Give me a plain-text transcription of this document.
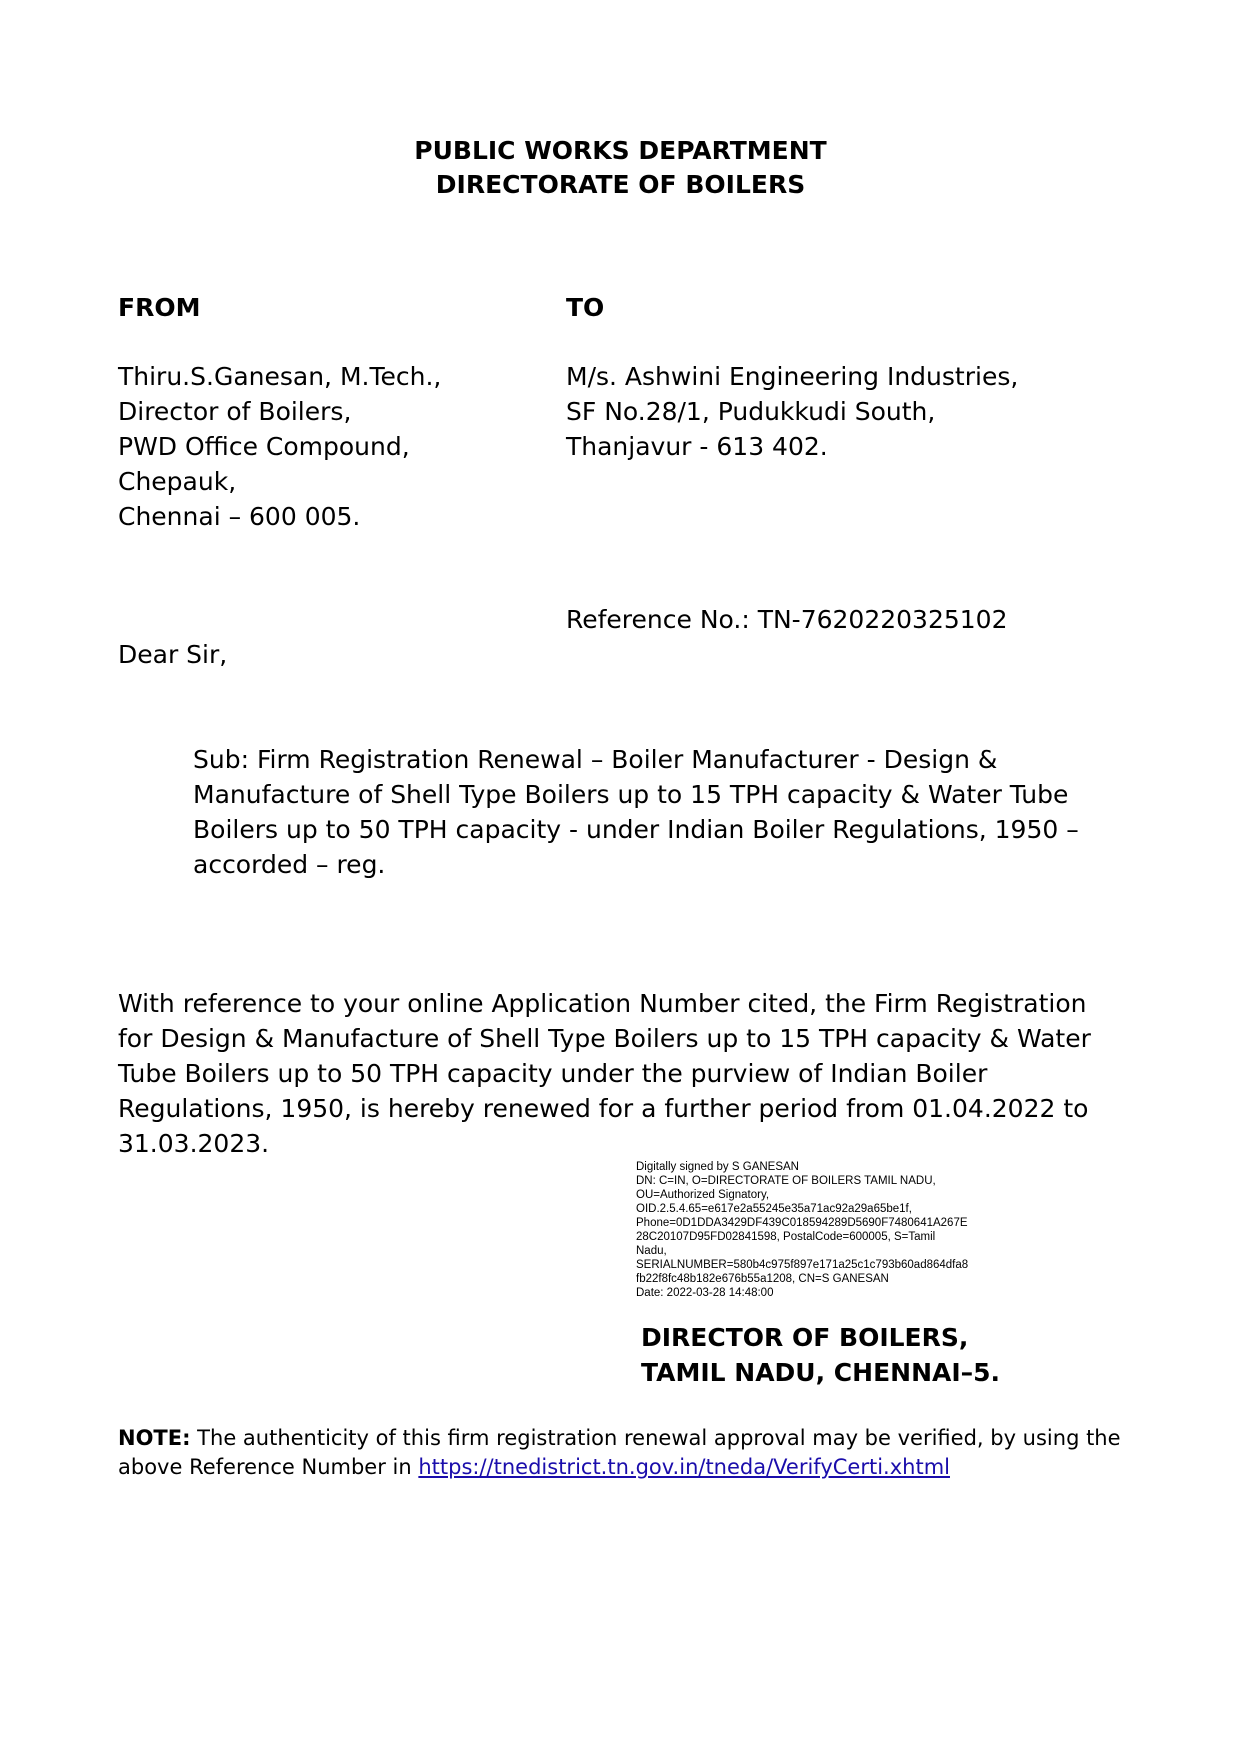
PUBLIC WORKS DEPARTMENT
DIRECTORATE OF BOILERS
FROM
Thiru.S.Ganesan, M.Tech.,
Director of Boilers,
PWD Office Compound,
Chepauk,
Chennai – 600 005.
TO
M/s. Ashwini Engineering Industries,
SF No.28/1, Pudukkudi South,
Thanjavur - 613 402.
Reference No.: TN-7620220325102
Dear Sir,
Sub: Firm Registration Renewal – Boiler Manufacturer - Design &
Manufacture of Shell Type Boilers up to 15 TPH capacity & Water Tube
Boilers up to 50 TPH capacity - under Indian Boiler Regulations, 1950 –
accorded – reg.
With reference to your online Application Number cited, the Firm Registration
for Design & Manufacture of Shell Type Boilers up to 15 TPH capacity & Water
Tube Boilers up to 50 TPH capacity under the purview of Indian Boiler
Regulations, 1950, is hereby renewed for a further period from 01.04.2022 to
31.03.2023.
Digitally signed by S GANESAN
DN: C=IN, O=DIRECTORATE OF BOILERS TAMIL NADU,
OU=Authorized Signatory,
OID.2.5.4.65=e617e2a55245e35a71ac92a29a65be1f,
Phone=0D1DDA3429DF439C018594289D5690F7480641A267E
28C20107D95FD02841598, PostalCode=600005, S=Tamil
Nadu,
SERIALNUMBER=580b4c975f897e171a25c1c793b60ad864dfa8
fb22f8fc48b182e676b55a1208, CN=S GANESAN
Date: 2022-03-28 14:48:00
DIRECTOR OF BOILERS,
TAMIL NADU, CHENNAI–5.
NOTE: The authenticity of this firm registration renewal approval may be verified, by using the
above Reference Number in https://tnedistrict.tn.gov.in/tneda/VerifyCerti.xhtml
